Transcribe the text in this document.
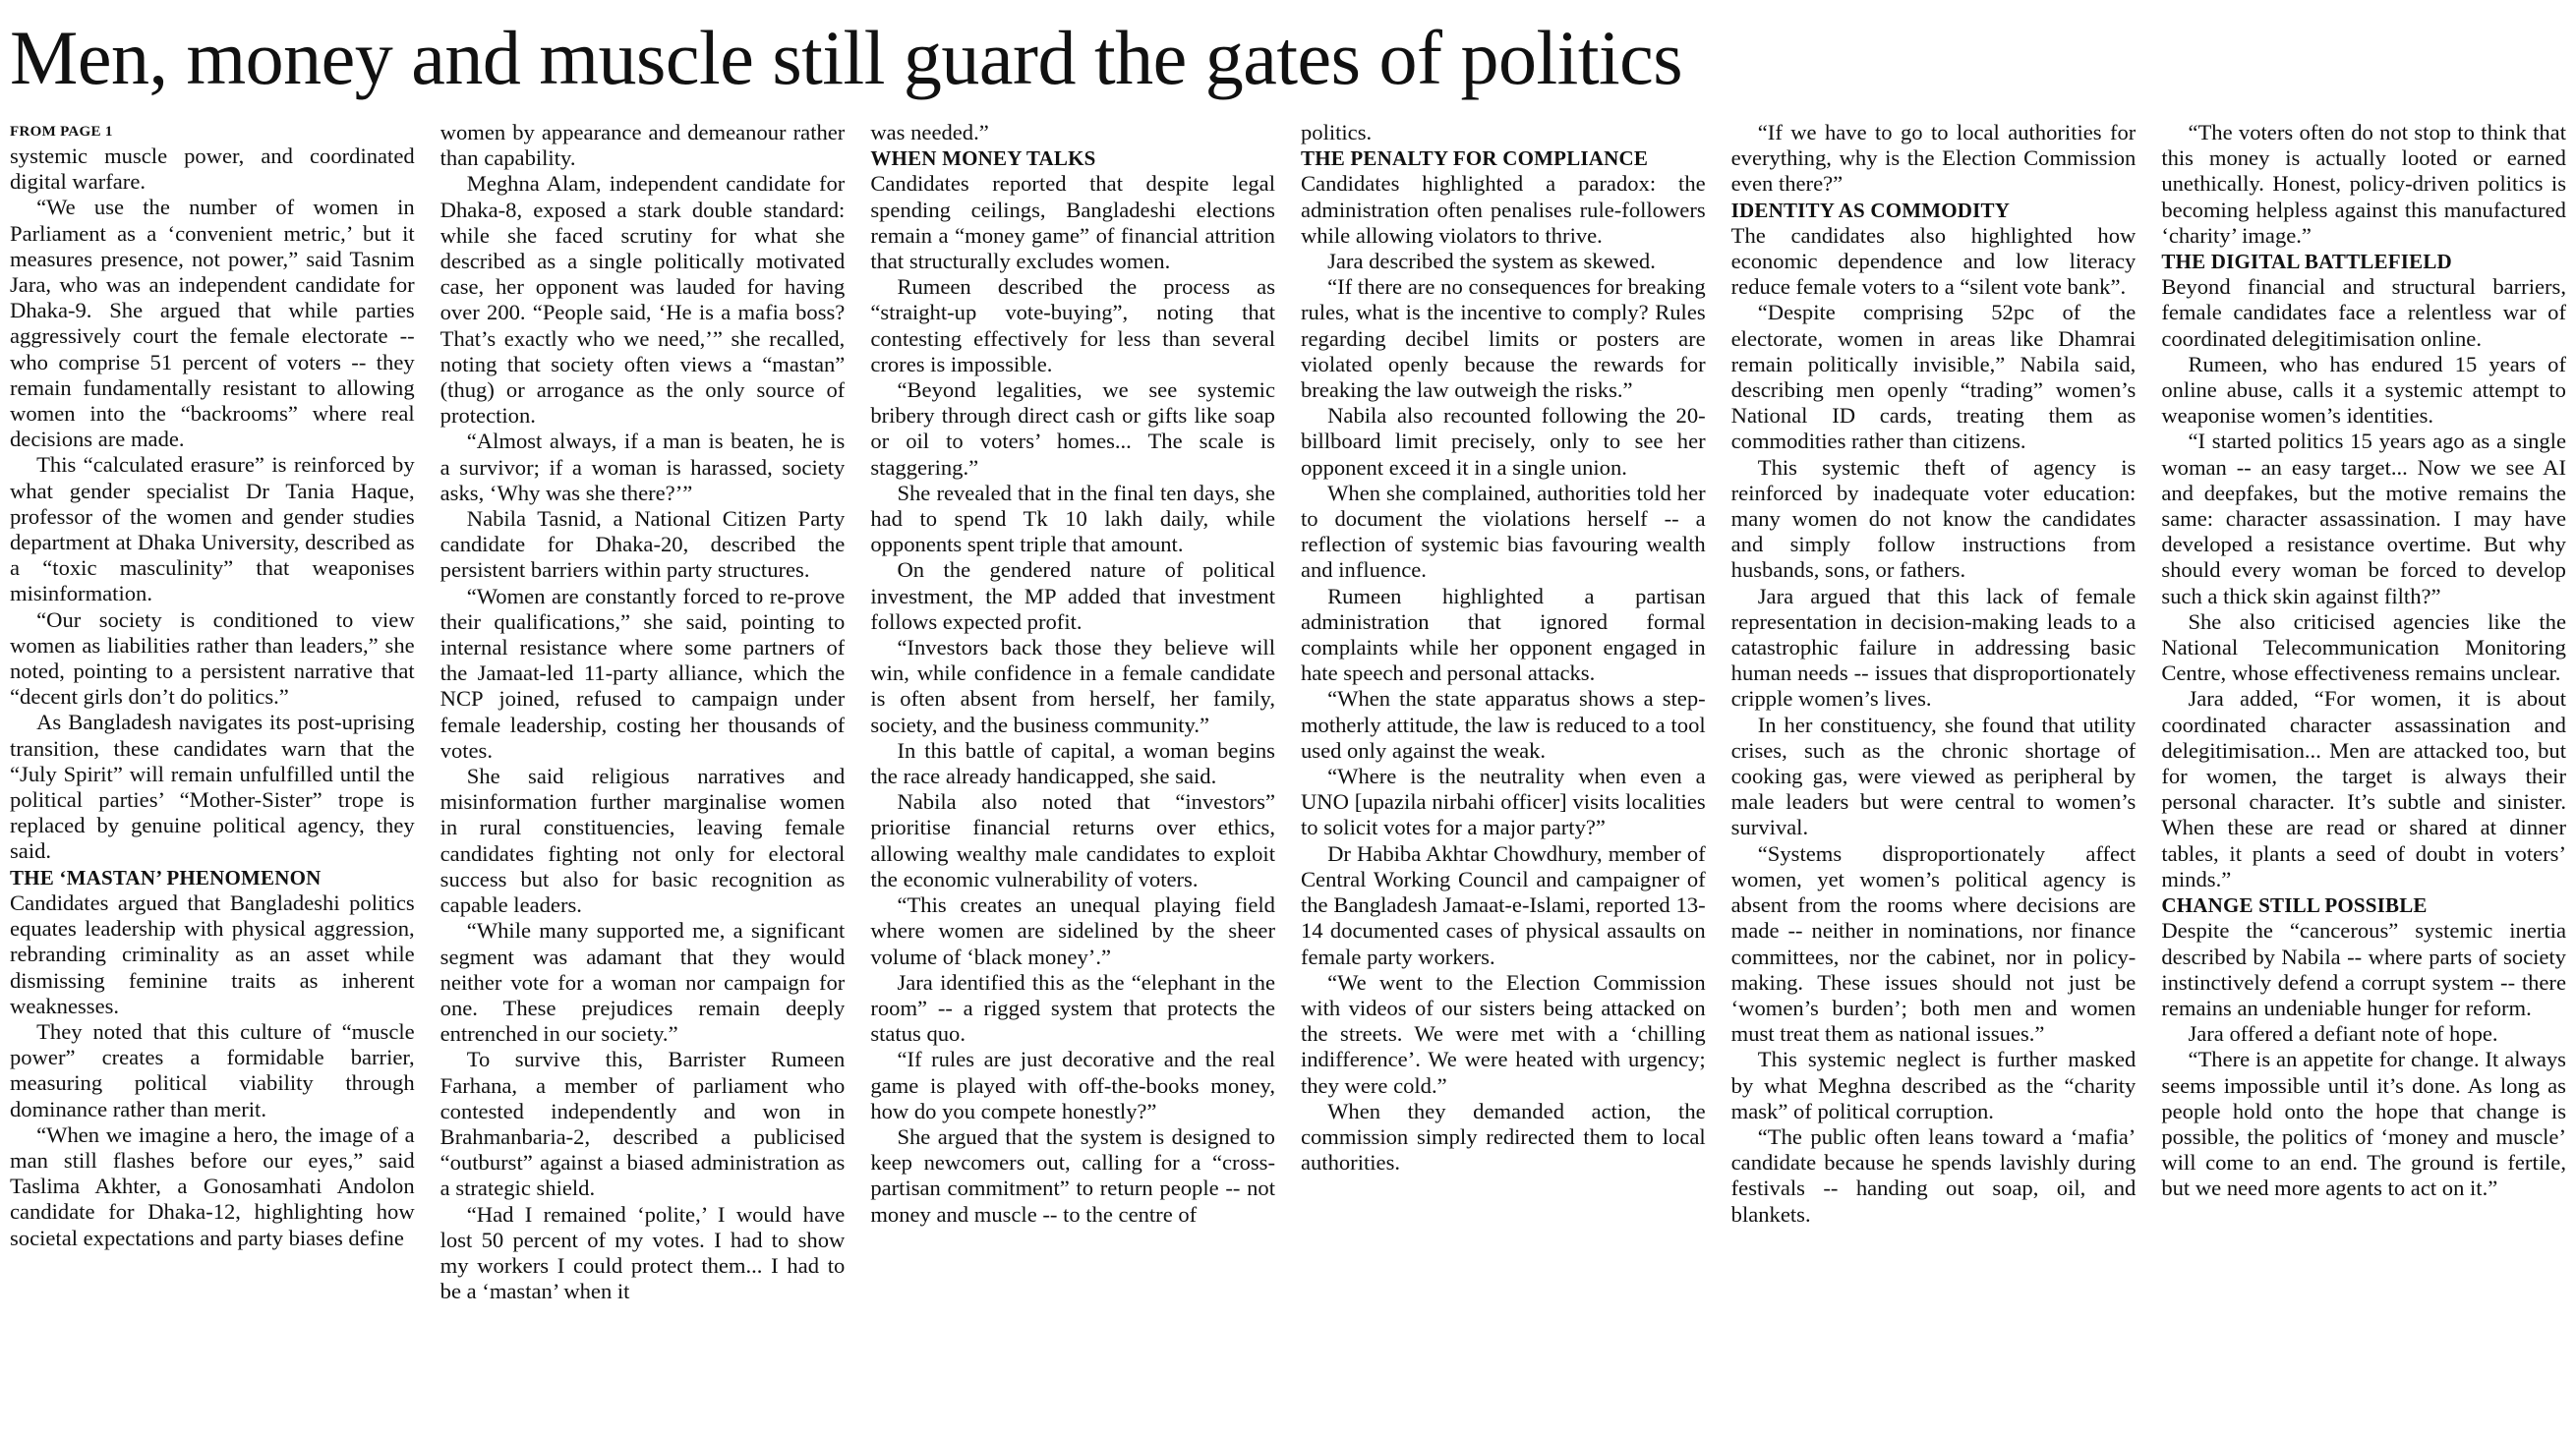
Men, money and muscle still guard the gates of politics
FROM PAGE 1

systemic muscle power, and coordinated digital warfare.

“We use the number of women in Parliament as a ‘convenient metric,’ but it measures presence, not power,” said Tasnim Jara, who was an independent candidate for Dhaka-9. She argued that while parties aggressively court the female electorate -- who comprise 51 percent of voters -- they remain fundamentally resistant to allowing women into the “backrooms” where real decisions are made.

This “calculated erasure” is reinforced by what gender specialist Dr Tania Haque, professor of the women and gender studies department at Dhaka University, described as a “toxic masculinity” that weaponises misinformation.

“Our society is conditioned to view women as liabilities rather than leaders,” she noted, pointing to a persistent narrative that “decent girls don’t do politics.”

As Bangladesh navigates its post-uprising transition, these candidates warn that the “July Spirit” will remain unfulfilled until the political parties’ “Mother-Sister” trope is replaced by genuine political agency, they said.

THE ‘MASTAN’ PHENOMENON

Candidates argued that Bangladeshi politics equates leadership with physical aggression, rebranding criminality as an asset while dismissing feminine traits as inherent weaknesses.

They noted that this culture of “muscle power” creates a formidable barrier, measuring political viability through dominance rather than merit.

“When we imagine a hero, the image of a man still flashes before our eyes,” said Taslima Akhter, a Gonosamhati Andolon candidate for Dhaka-12, highlighting how societal expectations and party biases define

women by appearance and demeanour rather than capability.

Meghna Alam, independent candidate for Dhaka-8, exposed a stark double standard: while she faced scrutiny for what she described as a single politically motivated case, her opponent was lauded for having over 200. “People said, ‘He is a mafia boss? That’s exactly who we need,’” she recalled, noting that society often views a “mastan” (thug) or arrogance as the only source of protection.

“Almost always, if a man is beaten, he is a survivor; if a woman is harassed, society asks, ‘Why was she there?’”

Nabila Tasnid, a National Citizen Party candidate for Dhaka-20, described the persistent barriers within party structures.

“Women are constantly forced to re-prove their qualifications,” she said, pointing to internal resistance where some partners of the Jamaat-led 11-party alliance, which the NCP joined, refused to campaign under female leadership, costing her thousands of votes.

She said religious narratives and misinformation further marginalise women in rural constituencies, leaving female candidates fighting not only for electoral success but also for basic recognition as capable leaders.

“While many supported me, a significant segment was adamant that they would neither vote for a woman nor campaign for one. These prejudices remain deeply entrenched in our society.”

To survive this, Barrister Rumeen Farhana, a member of parliament who contested independently and won in Brahmanbaria-2, described a publicised “outburst” against a biased administration as a strategic shield.

“Had I remained ‘polite,’ I would have lost 50 percent of my votes. I had to show my workers I could protect them... I had to be a ‘mastan’ when it

was needed.”

WHEN MONEY TALKS

Candidates reported that despite legal spending ceilings, Bangladeshi elections remain a “money game” of financial attrition that structurally excludes women.

Rumeen described the process as “straight-up vote-buying”, noting that contesting effectively for less than several crores is impossible.

“Beyond legalities, we see systemic bribery through direct cash or gifts like soap or oil to voters’ homes... The scale is staggering.”

She revealed that in the final ten days, she had to spend Tk 10 lakh daily, while opponents spent triple that amount.

On the gendered nature of political investment, the MP added that investment follows expected profit.

“Investors back those they believe will win, while confidence in a female candidate is often absent from herself, her family, society, and the business community.”

In this battle of capital, a woman begins the race already handicapped, she said.

Nabila also noted that “investors” prioritise financial returns over ethics, allowing wealthy male candidates to exploit the economic vulnerability of voters.

“This creates an unequal playing field where women are sidelined by the sheer volume of ‘black money’.”

Jara identified this as the “elephant in the room” -- a rigged system that protects the status quo.

“If rules are just decorative and the real game is played with off-the-books money, how do you compete honestly?”

She argued that the system is designed to keep newcomers out, calling for a “cross-partisan commitment” to return people -- not money and muscle -- to the centre of

politics.

THE PENALTY FOR COMPLIANCE

Candidates highlighted a paradox: the administration often penalises rule-followers while allowing violators to thrive.

Jara described the system as skewed.

“If there are no consequences for breaking rules, what is the incentive to comply? Rules regarding decibel limits or posters are violated openly because the rewards for breaking the law outweigh the risks.”

Nabila also recounted following the 20-billboard limit precisely, only to see her opponent exceed it in a single union.

When she complained, authorities told her to document the violations herself -- a reflection of systemic bias favouring wealth and influence.

Rumeen highlighted a partisan administration that ignored formal complaints while her opponent engaged in hate speech and personal attacks.

“When the state apparatus shows a step-motherly attitude, the law is reduced to a tool used only against the weak.

“Where is the neutrality when even a UNO [upazila nirbahi officer] visits localities to solicit votes for a major party?”

Dr Habiba Akhtar Chowdhury, member of Central Working Council and campaigner of the Bangladesh Jamaat-e-Islami, reported 13-14 documented cases of physical assaults on female party workers.

“We went to the Election Commission with videos of our sisters being attacked on the streets. We were met with a ‘chilling indifference’. We were heated with urgency; they were cold.”

When they demanded action, the commission simply redirected them to local authorities.

“If we have to go to local authorities for everything, why is the Election Commission even there?”

IDENTITY AS COMMODITY

The candidates also highlighted how economic dependence and low literacy reduce female voters to a “silent vote bank”.

“Despite comprising 52pc of the electorate, women in areas like Dhamrai remain politically invisible,” Nabila said, describing men openly “trading” women’s National ID cards, treating them as commodities rather than citizens.

This systemic theft of agency is reinforced by inadequate voter education: many women do not know the candidates and simply follow instructions from husbands, sons, or fathers.

Jara argued that this lack of female representation in decision-making leads to a catastrophic failure in addressing basic human needs -- issues that disproportionately cripple women’s lives.

In her constituency, she found that utility crises, such as the chronic shortage of cooking gas, were viewed as peripheral by male leaders but were central to women’s survival.

“Systems disproportionately affect women, yet women’s political agency is absent from the rooms where decisions are made -- neither in nominations, nor finance committees, nor the cabinet, nor in policy-making. These issues should not just be ‘women’s burden’; both men and women must treat them as national issues.”

This systemic neglect is further masked by what Meghna described as the “charity mask” of political corruption.

“The public often leans toward a ‘mafia’ candidate because he spends lavishly during festivals -- handing out soap, oil, and blankets.

“The voters often do not stop to think that this money is actually looted or earned unethically. Honest, policy-driven politics is becoming helpless against this manufactured ‘charity’ image.”

THE DIGITAL BATTLEFIELD

Beyond financial and structural barriers, female candidates face a relentless war of coordinated delegitimisation online.

Rumeen, who has endured 15 years of online abuse, calls it a systemic attempt to weaponise women’s identities.

“I started politics 15 years ago as a single woman -- an easy target... Now we see AI and deepfakes, but the motive remains the same: character assassination. I may have developed a resistance overtime. But why should every woman be forced to develop such a thick skin against filth?”

She also criticised agencies like the National Telecommunication Monitoring Centre, whose effectiveness remains unclear.

Jara added, “For women, it is about coordinated character assassination and delegitimisation... Men are attacked too, but for women, the target is always their personal character. It’s subtle and sinister. When these are read or shared at dinner tables, it plants a seed of doubt in voters’ minds.”

CHANGE STILL POSSIBLE

Despite the “cancerous” systemic inertia described by Nabila -- where parts of society instinctively defend a corrupt system -- there remains an undeniable hunger for reform.

Jara offered a defiant note of hope.

“There is an appetite for change. It always seems impossible until it’s done. As long as people hold onto the hope that change is possible, the politics of ‘money and muscle’ will come to an end. The ground is fertile, but we need more agents to act on it.”
